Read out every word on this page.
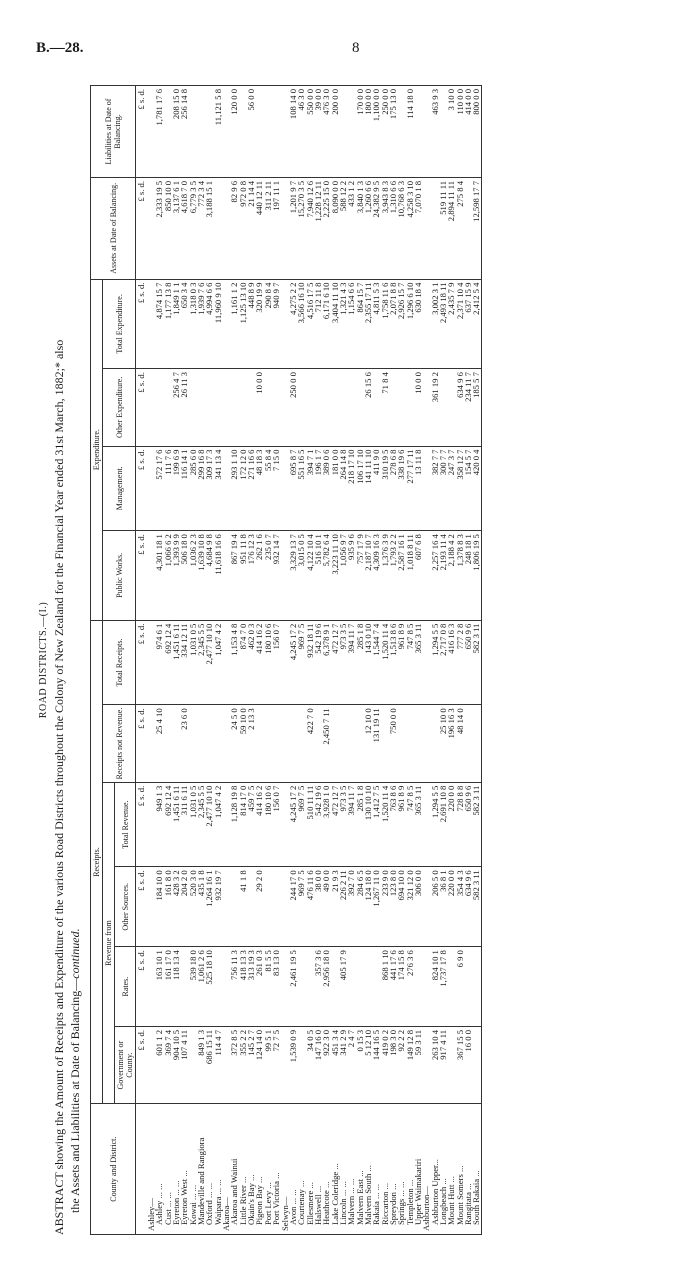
B.—28.	8
ROAD DISTRICTS.—(I.) ABSTRACT showing the Amount of Receipts and Expenditure of the various Road Districts throughout the Colony of New Zealand for the Financial Year ended 31st March, 1882;* also the Assets and Liabilities at Date of Balancing—continued.
County and District.	Receipts.						Expenditure.				Assets at Date of Balancing.	Liabilities at Date of Balancing.
	Revenue from				Receipts not Revenue.	Total Receipts.	Public Works.	Management.	Other Expenditure.	Total Expenditure.		
	Government or County.	Rates.	Other Sources.	Total Revenue.								
	£ s. d.	£ s. d.	£ s. d.	£ s. d.	£ s. d.	£ s. d.	£ s. d.	£ s. d.	£ s. d.	£ s. d.	£ s. d.	£ s. d.
Ashley—												
Ashley ... ...	601 1 2	163 10 1	184 10 0	949 1 3	25 4 10	974 6 1	4,301 18 1	572 17 6		4,874 15 7	2,333 19 5	1,781 17 6
Cust ... ...	369 7 4	161 17 0	161 8 0	692 12 4		692 12 4	1,066 6 2	111 7 6		1,177 13 8	850 10 0	
Eyreton ... ...	904 10 5	118 13 4	428 3 2	1,451 6 11		1,451 6 11	1,393 9 9	199 6 9	256 4 7	1,849 1 1	3,137 6 1	208 15 0
Eyreton West ...	107 4 11		204 2 0	311 6 11	23 6 0	334 12 11	506 18 0	116 14 1	26 11 3	650 3 4	4,618 7 0	256 14 8
Kowai ... ...		539 18 0	520 3 0	1,031 0 5		1,031 0 5	1,036 2 3	285 6 0		1,318 0 3	6,779 3 5	
Mandeville and Rangiora	849 1 3	1,061 2 6	435 1 8	2,345 5 5		2,345 5 5	1,639 10 8	299 16 8		1,939 7 6	772 3 4	
Oxford ... ...	686 15 11	525 18 10	1,264 16 1	2,477 10 10		2,477 10 10	4,684 9 8	309 17 3		4,994 6 6	3,188 15 1	
Waipara ... ...	114 4 7		932 19 7	1,047 4 2		1,047 4 2	11,618 16 6	341 13 4		11,960 9 10		11,121 5 8
Akaroa—												
Akaroa and Wainui	372 8 5	756 11 3		1,128 19 8	24 5 0	1,153 4 8	867 19 4	293 1 10		1,161 1 2	82 9 6	120 0 0
Little River ...	355 2 2	418 13 3	41 1 8	814 17 0	59 10 0	874 7 0	951 11 8	172 12 0		1,125 13 10	972 0 8	
Okain's Bay ...	145 2 7	313 19 3		459 7 5	2 13 3	462 0 3	176 12 3	271 16 6		448 8 9	21 14 4	56 0 0
Pigeon Bay ...	124 14 0	261 0 3	29 2 0	414 16 2		414 16 2	262 1 6	48 18 3	10 0 0	320 19 9	440 12 11	
Port Levy ...	99 5 1	81 5 5		180 10 6		180 10 6	235 0 7	55 8 4		290 8 4	311 2 11	
Port Victoria ...	72 7 5	83 13 0		156 0 7		156 0 7	932 14 7	7 15 0		940 9 7	197 11 1	
Selwyn—												
Avon ... ...	1,539 0 9	2,461 19 5	244 17 0	4,245 17 2		4,245 17 2	3,329 13 7	695 8 7	250 0 0	4,275 2 2	1,201 9 7	108 14 0
Courtenay ...			969 7 5	969 7 5		969 7 5	3,015 0 5	551 16 5		3,566 16 10	15,270 3 5	46 3 0
Ellesmere ...	34 0 5		476 11 6	510 11 11	422 7 0	932 18 11	4,122 10 4	394 7 1		4,516 17 5	7,940 12 6	550 0 0
Halswell ...	147 16 0	357 3 6	38 0 0	542 19 6		542 19 6	516 10 1	196 1 7		712 11 8	1,228 12 11	39 0 0
Heathcote ...	922 3 0	2,956 18 0	49 0 0	3,928 1 0	2,450 7 11	6,378 9 1	5,782 6 4	389 0 6		6,171 6 10	2,225 15 0	476 3 0
Lake Coleridge ...	451 3 4		21 9 3	472 12 7		472 12 7	3,223 11 10	181 0 0		3,404 11 10	8,090 0 0	200 0 0
Lincoln ... ...	341 2 9	405 17 9	226 2 11	973 3 5		973 3 5	1,056 9 7	264 14 8		1,321 4 3	588 12 2	
Malvern ... ...	2 4 7		392 7 0	394 11 7		394 11 7	935 9 6	218 17 10		1,154 6 6	433 1 2	
Malvern East ...	0 15 3		284 6 5	285 1 8		285 1 8	757 17 9	106 17 10		864 15 7	3,840 1 3	170 0 0
Malvern South ...	5 12 10		124 18 0	130 10 10	12 10 0	143 0 10	2,187 10 7	141 11 10	26 15 6	2,355 17 11	1,260 6 6	180 0 0
Rakaia ... ...	144 16 5		1,267 11 0	1,412 7 5	131 19 11	1,544 7 4	4,309 16 3	411 9 0		4,811 5 3	24,382 9 5	1,100 0 0
Riccarton ...	419 0 2	868 1 10	233 9 0	1,520 11 4		1,520 11 4	1,376 3 9	310 19 5	71 8 4	1,758 11 6	3,943 8 3	250 0 0
Spreydon ...	198 3 0	441 17 6	123 8 0	763 8 6	750 0 0	1,513 8 6	1,793 2 2	278 6 8		2,071 8 8	1,310 6 6	175 13 0
Springs ... ...	92 2 2	174 15 8	694 10 0	961 8 9		961 8 9	2,587 16 1	338 19 6		2,926 15 7	10,768 6 3	
Templeton ...	149 12 8	276 3 6	321 12 0	747 8 5		747 8 5	1,018 8 11	277 17 11		1,296 6 10	4,258 3 10	114 18 0
Upper Waimakariri	59 3 11		306 0 0	365 3 11		365 3 11	607 6 8	13 11 8	10 0 0	630 18 4	7,070 1 8	
Ashburton—												
Ashburton Upper...	263 10 4	824 10 1	206 5 0	1,294 5 5		1,294 5 5	2,257 16 4	382 7 7	361 19 2	3,002 3 1		463 9 3
Longbeach ...	917 4 11	1,737 17 8	36 8 1	2,691 10 8	25 10 0	2,717 0 8	2,193 11 4	300 7 7		2,493 18 11	519 11 11	
Mount Hutt ...			220 0 0	220 0 0	196 16 3	416 16 3	2,188 4 2	247 3 7		2,435 7 9	2,894 11 11	3 10 0
Mount Somers ...	367 15 5	6 9 0	354 4 3	728 8 8	48 14 0	777 2 8	1,378 8 3	358 12 7	634 9 6	2,371 10 4	275 8 4	110 0 0
Rangitata ...	16 0 0		634 9 6	650 9 6		650 9 6	248 18 1	154 5 7	234 11 7	637 15 9		414 0 0
South Rakaia ...			582 3 11	582 3 11		582 3 11	1,806 19 5	420 0 4	185 5 7	2,412 5 4	12,598 17 7	800 0 0
